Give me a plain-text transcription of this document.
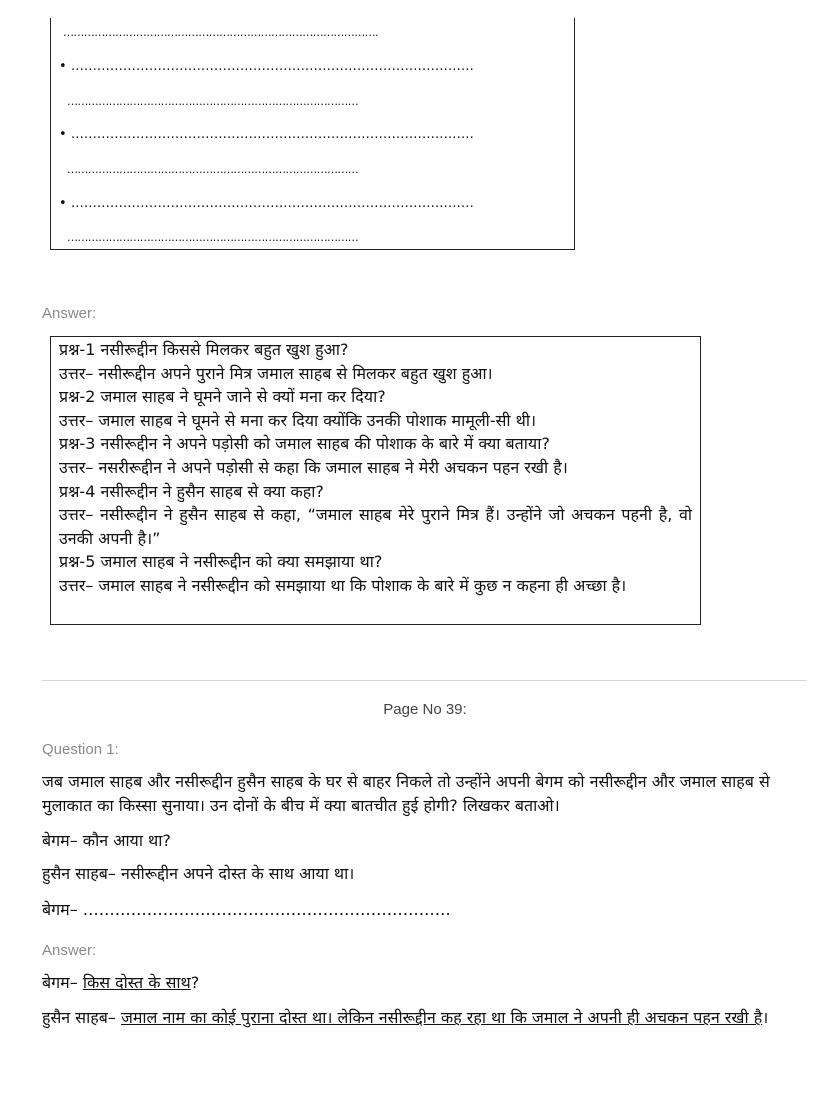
……………………………………………………………………………….
• …………………………………………………………………………………
…………………………………………………………………………
• …………………………………………………………………………………
…………………………………………………………………………
• …………………………………………………………………………………
…………………………………………………………………………
Answer:

प्रश्न-1 नसीरूद्दीन किससे मिलकर बहुत खुश हुआ?

उत्तर– नसीरूद्दीन अपने पुराने मित्र जमाल साहब से मिलकर बहुत खुश हुआ।

प्रश्न-2 जमाल साहब ने घूमने जाने से क्यों मना कर दिया?

उत्तर– जमाल साहब ने घूमने से मना कर दिया क्योंकि उनकी पोशाक मामूली-सी थी।

प्रश्न-3 नसीरूद्दीन ने अपने पड़ोसी को जमाल साहब की पोशाक के बारे में क्या बताया?

उत्तर– नसरीरूद्दीन ने अपने पड़ोसी से कहा कि जमाल साहब ने मेरी अचकन पहन रखी है।

प्रश्न-4 नसीरूद्दीन ने हुसैन साहब से क्या कहा?

उत्तर– नसीरूद्दीन ने हुसैन साहब से कहा, “जमाल साहब मेरे पुराने मित्र हैं। उन्होंने जो अचकन पहनी है, वो उनकी अपनी है।”

प्रश्न-5 जमाल साहब ने नसीरूद्दीन को क्या समझाया था?

उत्तर– जमाल साहब ने नसीरूद्दीन को समझाया था कि पोशाक के बारे में कुछ न कहना ही अच्छा है।

Page No 39:
Question 1:

जब जमाल साहब और नसीरूद्दीन हुसैन साहब के घर से बाहर निकले तो उन्होंने अपनी बेगम को नसीरूद्दीन और जमाल साहब से मुलाकात का किस्सा सुनाया। उन दोनों के बीच में क्या बातचीत हुई होगी? लिखकर बताओ।

बेगम– कौन आया था?

हुसैन साहब– नसीरूद्दीन अपने दोस्त के साथ आया था।

बेगम– ……………………………………………………………

Answer:

बेगम– किस दोस्त के साथ?

हुसैन साहब– जमाल नाम का कोई पुराना दोस्त था। लेकिन नसीरूद्दीन कह रहा था कि जमाल ने अपनी ही अचकन पहन रखी है।
